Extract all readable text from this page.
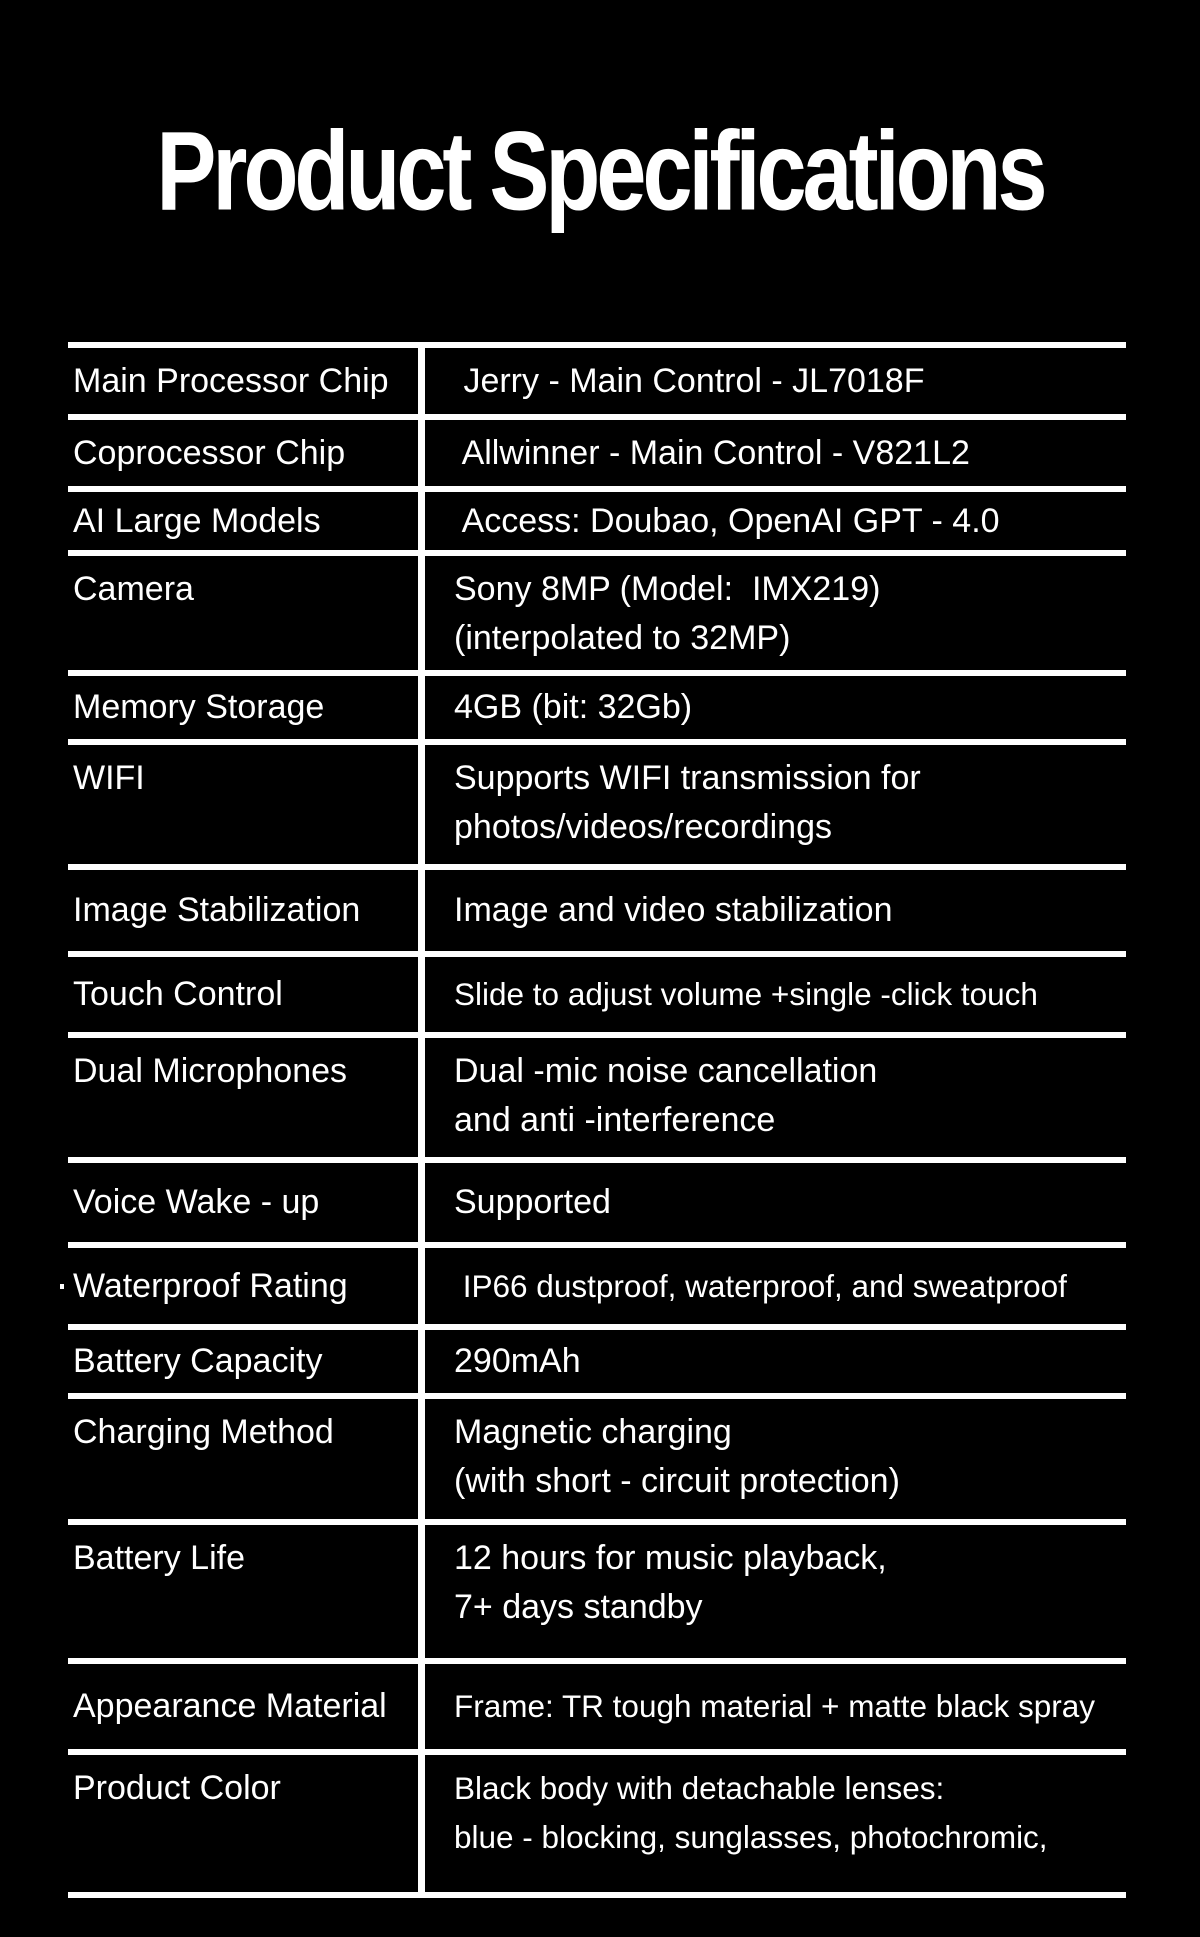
Product Specifications
Main Processor Chip	Jerry - Main Control - JL7018F
Coprocessor Chip	Allwinner - Main Control - V821L2
AI Large Models	Access: Doubao, OpenAI GPT - 4.0
Camera	Sony 8MP (Model:  IMX219)
(interpolated to 32MP)
Memory Storage	4GB (bit: 32Gb)
WIFI	Supports WIFI transmission for
photos/videos/recordings
Image Stabilization	Image and video stabilization
Touch Control	Slide to adjust volume +single -click touch
Dual Microphones	Dual -mic noise cancellation
and anti -interference
Voice Wake - up	Supported
Waterproof Rating	IP66 dustproof, waterproof, and sweatproof
Battery Capacity	290mAh
Charging Method	Magnetic charging
(with short - circuit protection)
Battery Life	12 hours for music playback,
7+ days standby
Appearance Material	Frame: TR tough material + matte black spray
Product Color	Black body with detachable lenses:
blue - blocking, sunglasses, photochromic,
